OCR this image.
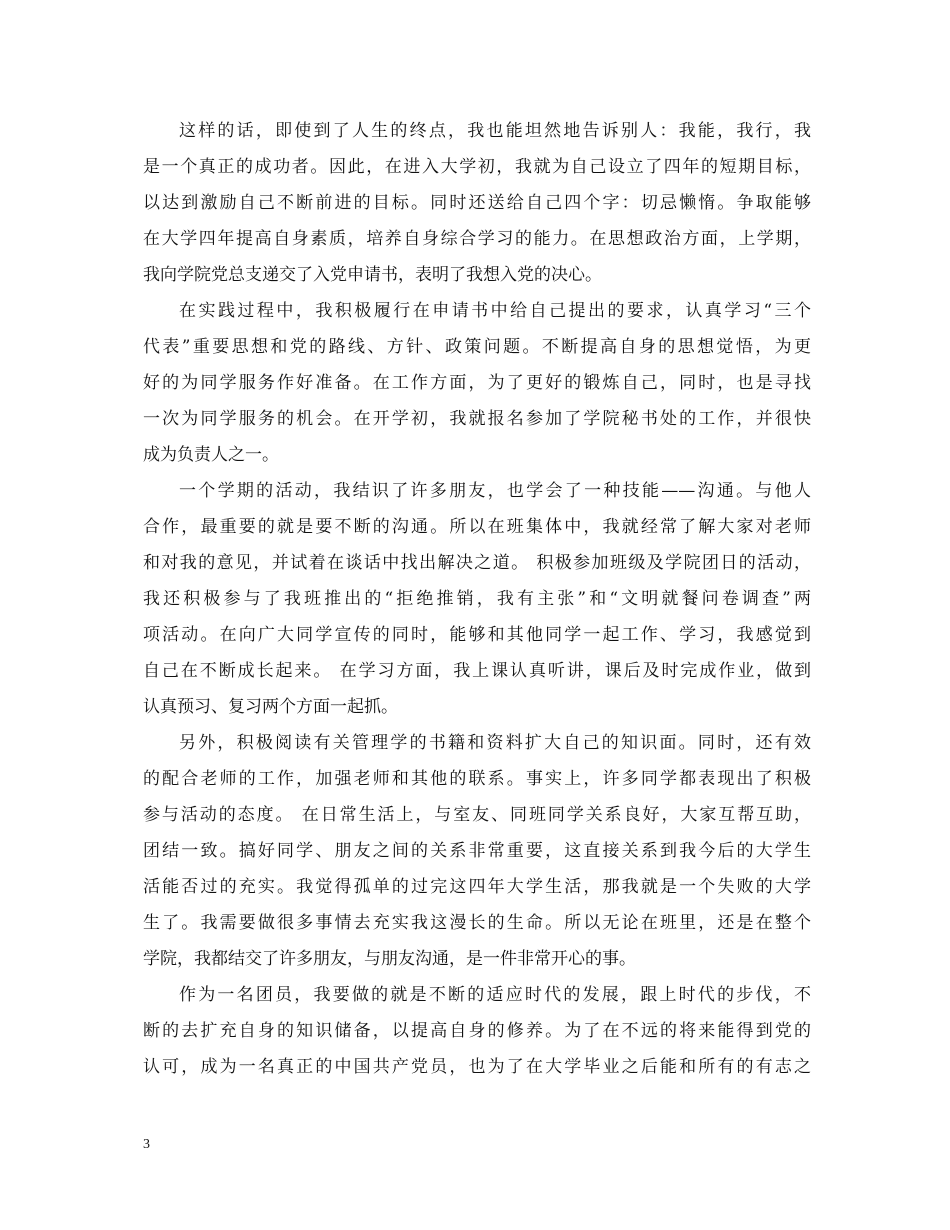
这样的话，即使到了人生的终点，我也能坦然地告诉别人：我能，我行，我
是一个真正的成功者。因此，在进入大学初，我就为自己设立了四年的短期目标，
以达到激励自己不断前进的目标。同时还送给自己四个字：切忌懒惰。争取能够
在大学四年提高自身素质，培养自身综合学习的能力。在思想政治方面，上学期，
我向学院党总支递交了入党申请书，表明了我想入党的决心。
在实践过程中，我积极履行在申请书中给自己提出的要求，认真学习“三个
代表”重要思想和党的路线、方针、政策问题。不断提高自身的思想觉悟，为更
好的为同学服务作好准备。在工作方面，为了更好的锻炼自己，同时，也是寻找
一次为同学服务的机会。在开学初，我就报名参加了学院秘书处的工作，并很快
成为负责人之一。
一个学期的活动，我结识了许多朋友，也学会了一种技能——沟通。与他人
合作，最重要的就是要不断的沟通。所以在班集体中，我就经常了解大家对老师
和对我的意见，并试着在谈话中找出解决之道。 积极参加班级及学院团日的活动，
我还积极参与了我班推出的“拒绝推销，我有主张”和“文明就餐问卷调查”两
项活动。在向广大同学宣传的同时，能够和其他同学一起工作、学习，我感觉到
自己在不断成长起来。 在学习方面，我上课认真听讲，课后及时完成作业，做到
认真预习、复习两个方面一起抓。
另外，积极阅读有关管理学的书籍和资料扩大自己的知识面。同时，还有效
的配合老师的工作，加强老师和其他的联系。事实上，许多同学都表现出了积极
参与活动的态度。 在日常生活上，与室友、同班同学关系良好，大家互帮互助，
团结一致。搞好同学、朋友之间的关系非常重要，这直接关系到我今后的大学生
活能否过的充实。我觉得孤单的过完这四年大学生活，那我就是一个失败的大学
生了。我需要做很多事情去充实我这漫长的生命。所以无论在班里，还是在整个
学院，我都结交了许多朋友，与朋友沟通，是一件非常开心的事。
作为一名团员，我要做的就是不断的适应时代的发展，跟上时代的步伐，不
断的去扩充自身的知识储备，以提高自身的修养。为了在不远的将来能得到党的
认可，成为一名真正的中国共产党员，也为了在大学毕业之后能和所有的有志之
3
